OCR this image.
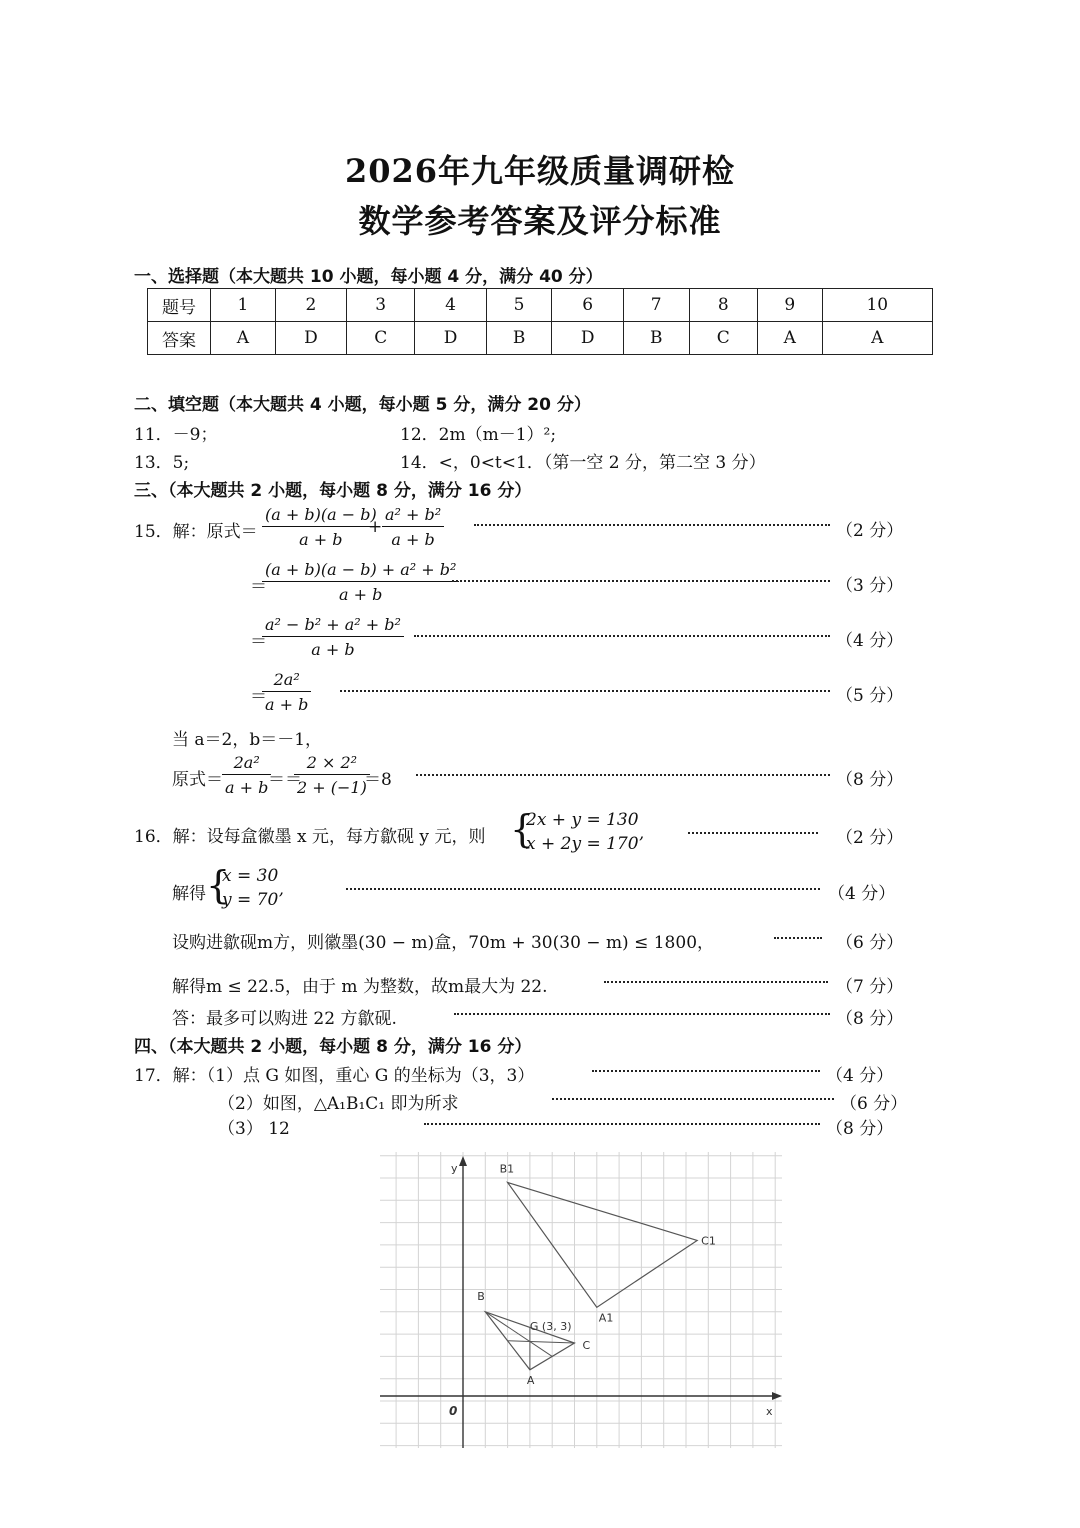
2026年九年级质量调研检
数学参考答案及评分标准
一、选择题（本大题共 10 小题，每小题 4 分，满分 40 分）
题号	1	2	3	4	5	6	7	8	9	10
答案	A	D	C	D	B	D	B	C	A	A
二、填空题（本大题共 4 小题，每小题 5 分，满分 20 分）
11．－9；	12．2m（m－1）²;
13．5;	14．<，0<t<1．（第一空 2 分，第二空 3 分）
三、（本大题共 2 小题，每小题 8 分，满分 16 分）
15．解：原式＝ $\frac{(a + b)(a - b)}{a + b}$
+ $\frac{\text{a² + b²}}{a + b}$	（2 分）
＝
$\frac{\text{(a + b)(a − b) + a² + b²}}{a + b}$	（3 分）
＝
$\frac{\text{a² − b² + a² + b²}}{a + b}$	（4 分）
＝
$\frac{\text{2a²}}{a + b}$	（5 分）
当 a＝2，b＝－1，
原式＝ $\frac{\text{2a²}}{a + b}$
＝＝
$\frac{\text{2 × 2²}}{2 + (-1)}$
＝8	（8 分）
16．解：设每盒徽墨 x 元，每方歙砚 y 元，则 {
2x + y = 130
x + 2y = 170’	（2 分）
解得 {
x = 30
y = 70’	（4 分）
设购进歙砚m方，则徽墨(30 − m)盒，70m + 30(30 − m) ≤ 1800，	（6 分）
解得m ≤ 22.5，由于 m 为整数，故m最大为 22.	（7 分）
答：最多可以购进 22 方歙砚.	（8 分）
四、（本大题共 2 小题，每小题 8 分，满分 16 分）
17．解：（1）点 G 如图，重心 G 的坐标为（3，3）	（4 分）
（2）如图，△A₁B₁C₁ 即为所求	（6 分）
（3） 12	（8 分）
y
x
0
B
A
C
G (3, 3)
B1
C1
A1
